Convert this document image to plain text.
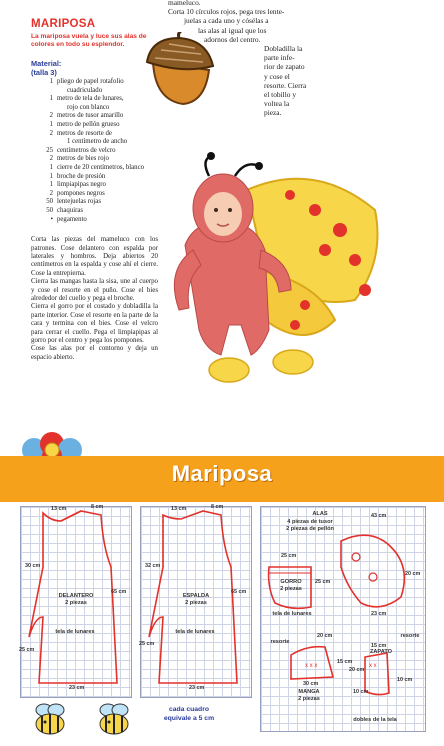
mameluco.
Corta 10 círculos rojos, pega tres lente-
juelas a cada uno y cósélas a
las alas al igual que los
adornos del centro.
Dobladilla la parte infe-
rior de zapato y cose el
resorte. Cierra el tobillo y
voltea la pieza.
MARIPOSA
La mariposa vuela y luce sus alas de
colores en todo su esplendor.
Material:
(talla 3)
1 pliego de papel rotafolio
cuadriculado
1 metro de tela de lunares,
rojo con blanco
2 metros de tusor amarillo
1 metro de pellón grueso
2 metros de resorte de
1 centímetro de ancho
25 centímetros de velcro
2 metros de bies rojo
1 cierre de 20 centímetros, blanco
1 broche de presión
1 limpiapipas negro
2 pompones negros
50 lentejuelas rojas
50 chaquiras
• pegamento

Corta las piezas del mameluco con los patrones. Cose delantero con espalda por laterales y hombros. Deja abiertos 20 centímetros en la espalda y cose ahí el cierre. Cose la entrepierna.

Cierra las mangas hasta la sisa, une al cuerpo y cose el resorte en el puño. Cose el bies alrededor del cuello y pega el broche.

Cierra el gorro por el costado y dobladilla la parte interior. Cose el resorte en la parte de la cara y termina con el bies. Cose el velcro para cerrar el cuello. Pega el limpiapipas al gorro por el centro y pega los pompones.

Cose las alas por el contorno y deja un espacio abierto.

Mariposa
13 cm	8 cm
30 cm
65 cm
25 cm
23 cm
DELANTERO
2 piezas
tela de lunares
13 cm	8 cm
32 cm
65 cm
25 cm
23 cm
ESPALDA
2 piezas
tela de lunares
x x x	x x
43 cm
ALAS
4 piezas de tusor
2 piezas de pellón
20 cm
23 cm
25 cm
25 cm
GORRO
2 piezas
tela de lunares
resorte
20 cm
15 cm
30 cm
MANGA
2 piezas
15 cm
resorte
20 cm
10 cm
10 cm
ZAPATO
dobles de la tela
cada cuadro
equivale a 5 cm
